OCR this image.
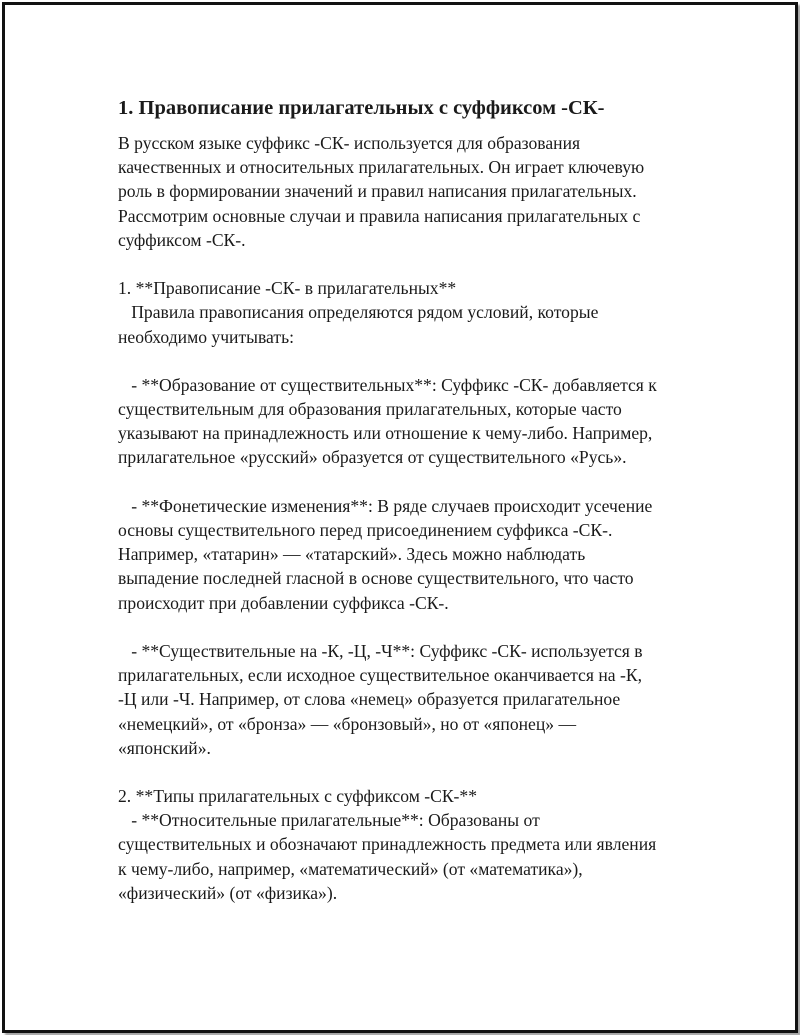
1. Правописание прилагательных с суффиксом -СК-
В русском языке суффикс -СК- используется для образования
качественных и относительных прилагательных. Он играет ключевую
роль в формировании значений и правил написания прилагательных.
Рассмотрим основные случаи и правила написания прилагательных с
суффиксом -СК-.
1. **Правописание -СК- в прилагательных**
Правила правописания определяются рядом условий, которые
необходимо учитывать:
- **Образование от существительных**: Суффикс -СК- добавляется к
существительным для образования прилагательных, которые часто
указывают на принадлежность или отношение к чему-либо. Например,
прилагательное «русский» образуется от существительного «Русь».
- **Фонетические изменения**: В ряде случаев происходит усечение
основы существительного перед присоединением суффикса -СК-.
Например, «татарин» — «татарский». Здесь можно наблюдать
выпадение последней гласной в основе существительного, что часто
происходит при добавлении суффикса -СК-.
- **Существительные на -К, -Ц, -Ч**: Суффикс -СК- используется в
прилагательных, если исходное существительное оканчивается на -К,
-Ц или -Ч. Например, от слова «немец» образуется прилагательное
«немецкий», от «бронза» — «бронзовый», но от «японец» —
«японский».
2. **Типы прилагательных с суффиксом -СК-**
- **Относительные прилагательные**: Образованы от
существительных и обозначают принадлежность предмета или явления
к чему-либо, например, «математический» (от «математика»),
«физический» (от «физика»).
